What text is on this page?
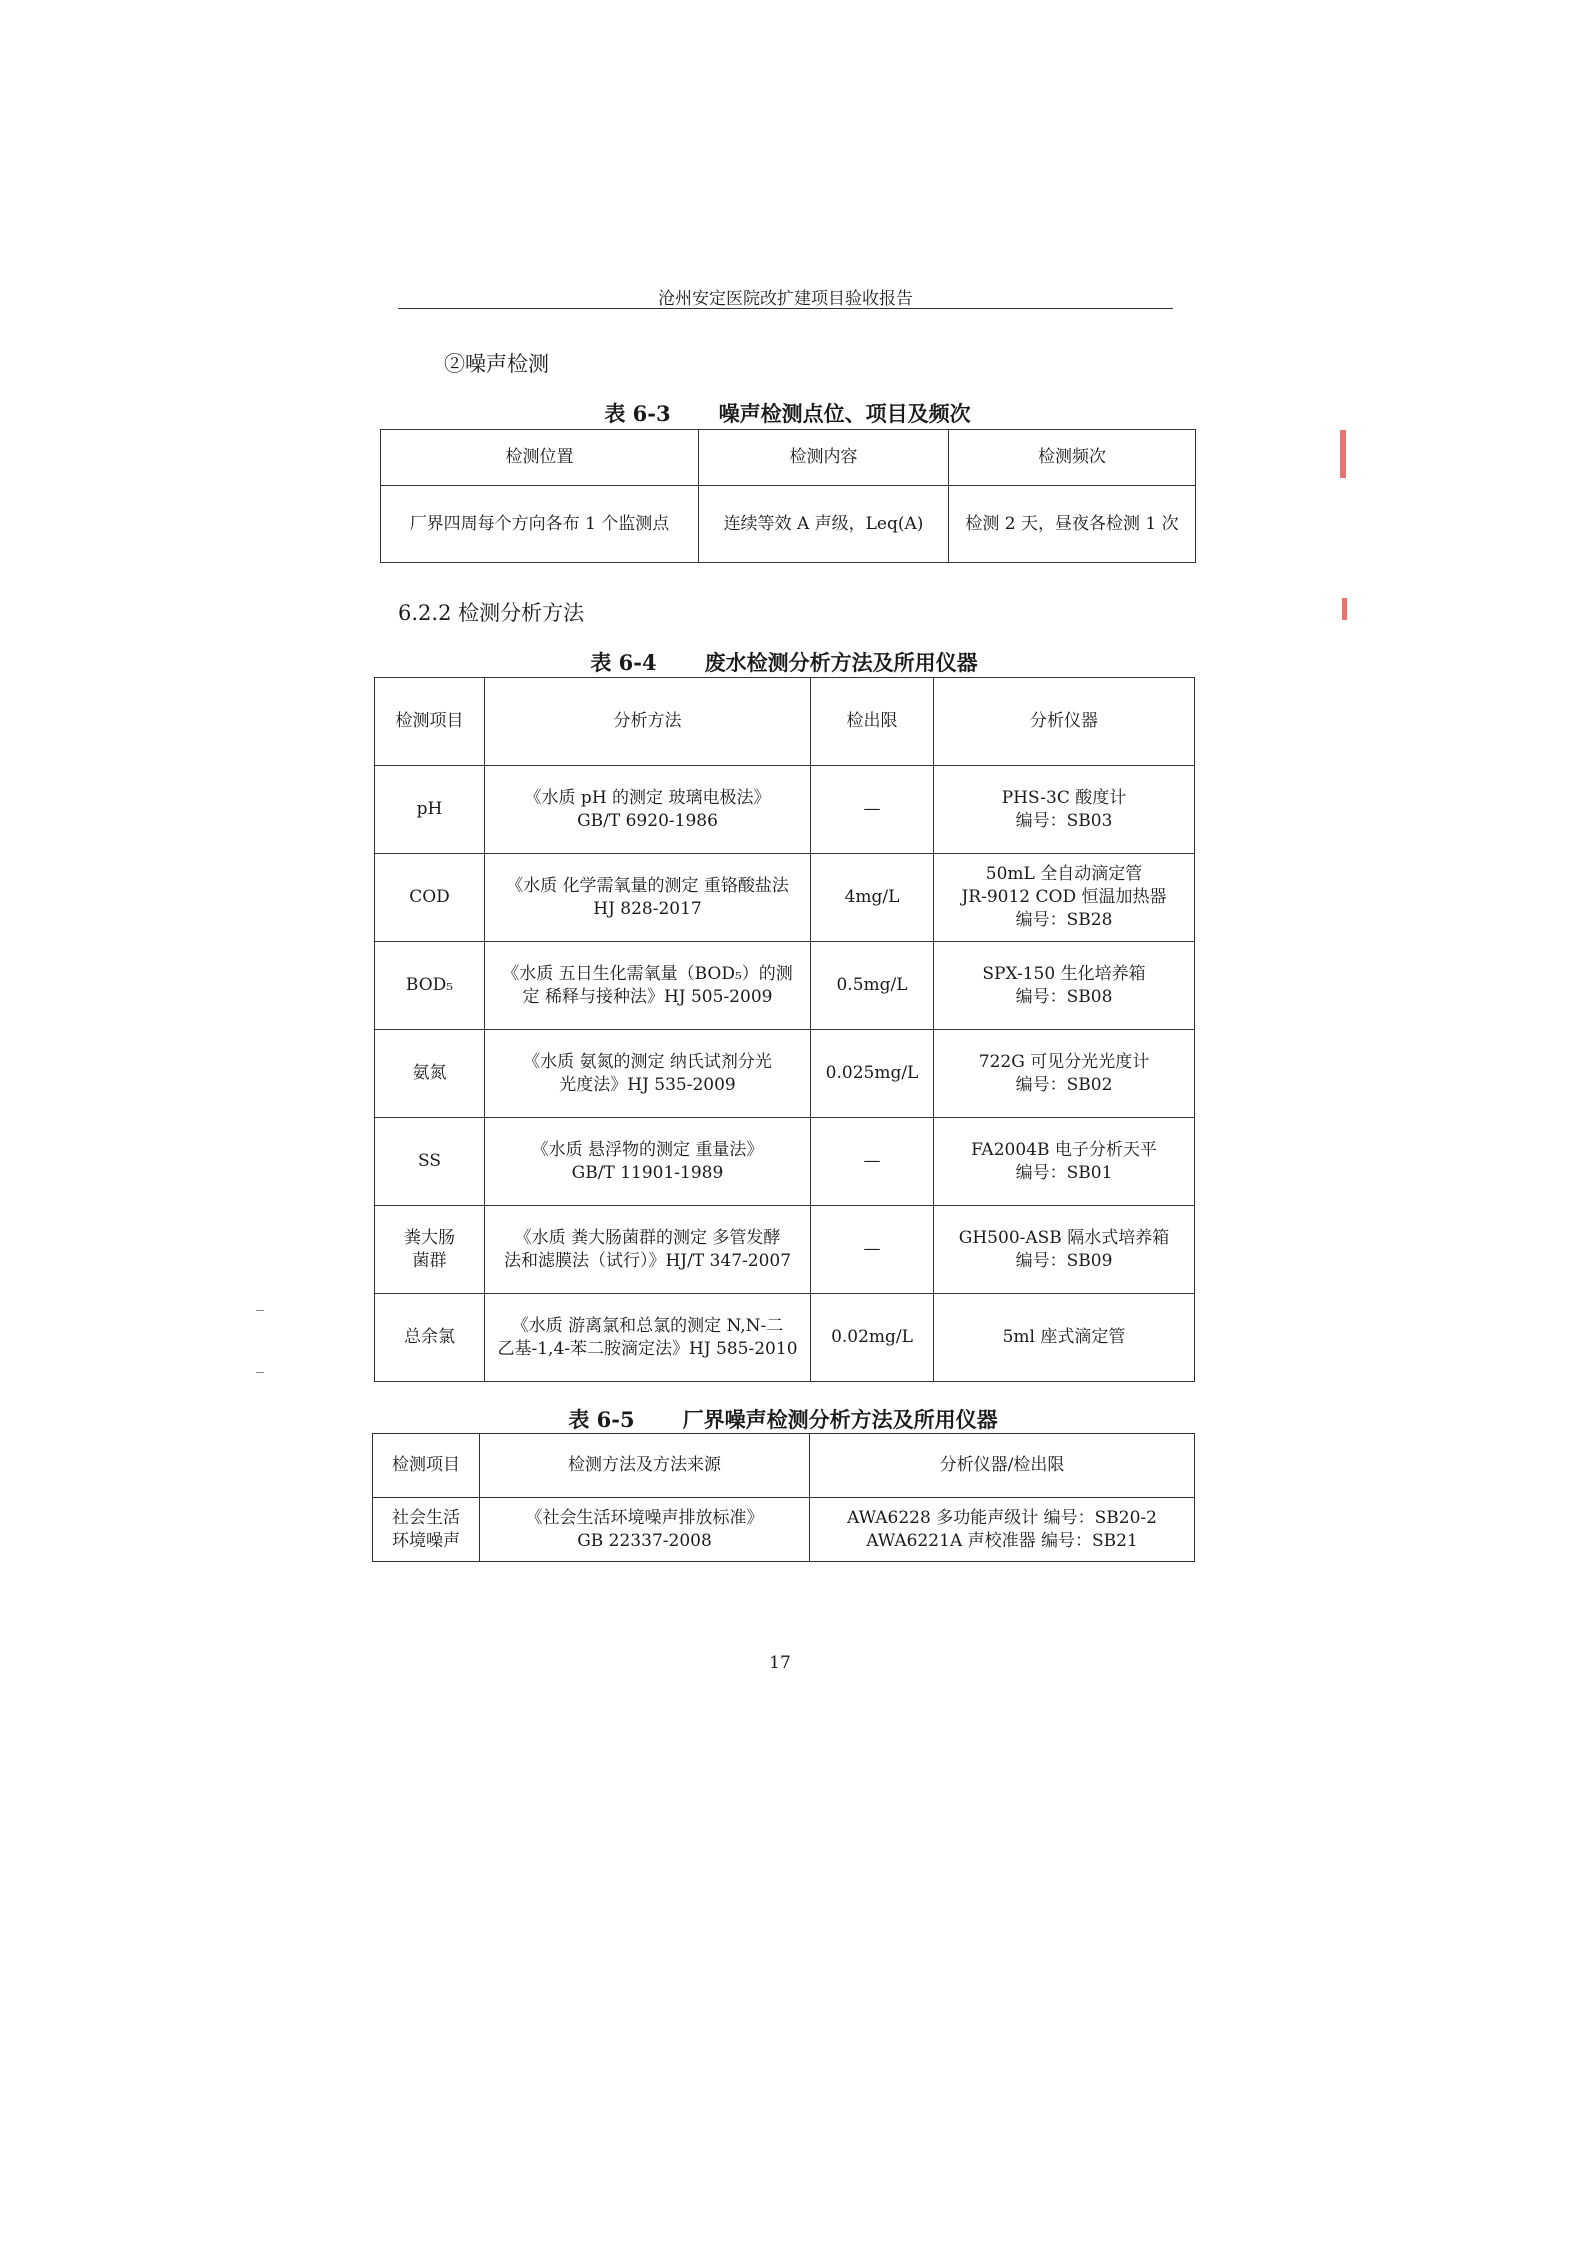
沧州安定医院改扩建项目验收报告
②噪声检测
表 6-3 噪声检测点位、项目及频次
检测位置	检测内容	检测频次
厂界四周每个方向各布 1 个监测点	连续等效 A 声级，Leq(A)	检测 2 天，昼夜各检测 1 次
6.2.2 检测分析方法
表 6-4 废水检测分析方法及所用仪器
检测项目	分析方法	检出限	分析仪器

pH	《水质 pH 的测定 玻璃电极法》
GB/T 6920-1986	—	PHS-3C 酸度计
编号：SB03

COD	《水质 化学需氧量的测定 重铬酸盐法
HJ 828-2017	4mg/L	50mL 全自动滴定管
JR-9012 COD 恒温加热器
编号：SB28

BOD₅	《水质 五日生化需氧量（BOD₅）的测
定 稀释与接种法》HJ 505-2009	0.5mg/L	SPX-150 生化培养箱
编号：SB08

氨氮	《水质 氨氮的测定 纳氏试剂分光
光度法》HJ 535-2009	0.025mg/L	722G 可见分光光度计
编号：SB02

SS	《水质 悬浮物的测定 重量法》
GB/T 11901-1989	—	FA2004B 电子分析天平
编号：SB01

粪大肠
菌群	《水质 粪大肠菌群的测定 多管发酵
法和滤膜法（试行）》HJ/T 347-2007	—	GH500-ASB 隔水式培养箱
编号：SB09

总余氯	《水质 游离氯和总氯的测定 N,N-二
乙基-1,4-苯二胺滴定法》HJ 585-2010	0.02mg/L	5ml 座式滴定管
表 6-5 厂界噪声检测分析方法及所用仪器
检测项目	检测方法及方法来源	分析仪器/检出限

社会生活
环境噪声	《社会生活环境噪声排放标准》
GB 22337-2008	AWA6228 多功能声级计 编号：SB20-2
AWA6221A 声校准器 编号：SB21
17
